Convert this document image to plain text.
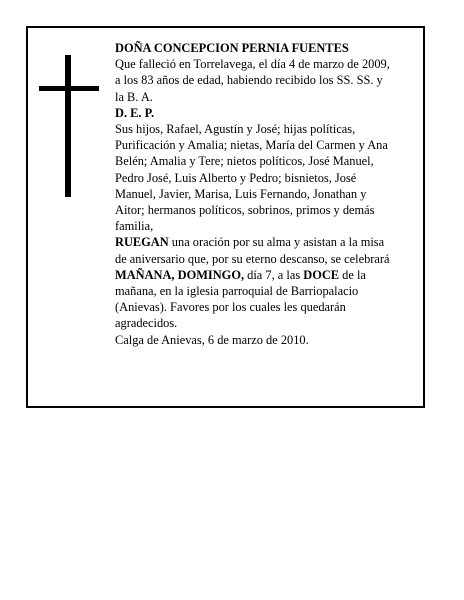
DOÑA CONCEPCION PERNIA FUENTES
Que falleció en Torrelavega, el día 4 de marzo de 2009,
a los 83 años de edad, habiendo recibido los SS. SS. y
la B. A.
D. E. P.
Sus hijos, Rafael, Agustín y José; hijas políticas,
Purificación y Amalia; nietas, María del Carmen y Ana
Belén; Amalia y Tere; nietos políticos, José Manuel,
Pedro José, Luis Alberto y Pedro; bisnietos, José
Manuel, Javier, Marisa, Luis Fernando, Jonathan y
Aitor; hermanos políticos, sobrinos, primos y demás
familia,
RUEGAN una oración por su alma y asistan a la misa
de aniversario que, por su eterno descanso, se celebrará
MAÑANA, DOMINGO, día 7, a las DOCE de la
mañana, en la iglesia parroquial de Barriopalacio
(Anievas). Favores por los cuales les quedarán
agradecidos.
Calga de Anievas, 6 de marzo de 2010.
